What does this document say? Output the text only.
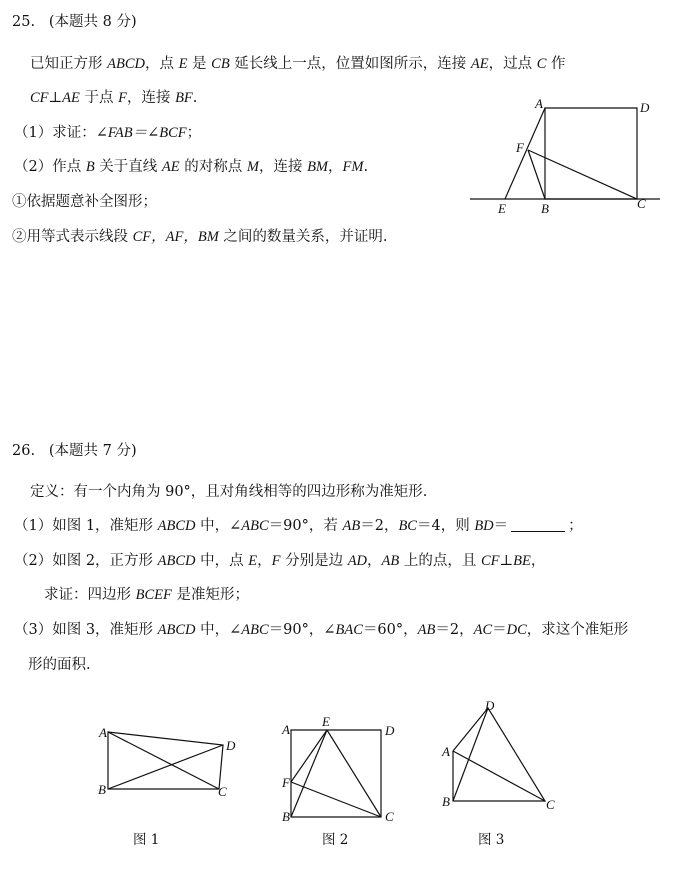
25. (本题共 8 分)
已知正方形 ABCD，点 E 是 CB 延长线上一点，位置如图所示，连接 AE，过点 C 作
CF⊥AE 于点 F，连接 BF.
（1）求证：∠FAB＝∠BCF；
（2）作点 B 关于直线 AE 的对称点 M，连接 BM，FM.
①依据题意补全图形；
②用等式表示线段 CF，AF，BM 之间的数量关系，并证明.
A	D
F
E	B	C
26. (本题共 7 分)
定义：有一个内角为 90°，且对角线相等的四边形称为准矩形.
（1）如图 1，准矩形 ABCD 中，∠ABC＝90°，若 AB＝2，BC＝4，则 BD＝	；
（2）如图 2，正方形 ABCD 中，点 E，F 分别是边 AD，AB 上的点，且 CF⊥BE，
求证：四边形 BCEF 是准矩形；
（3）如图 3，准矩形 ABCD 中，∠ABC＝90°，∠BAC＝60°，AB＝2，AC＝DC，求这个准矩形
形的面积.
A
D
B	C
A
E
D
F
B	C
D
A
B	C
图 1	图 2	图 3
